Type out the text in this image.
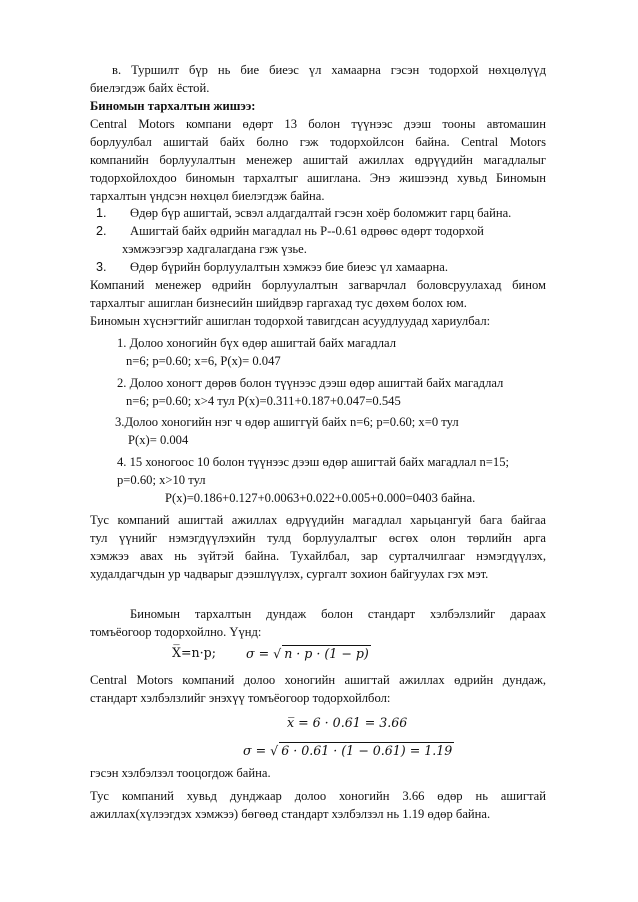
в. Туршилт бүр нь бие биеэс үл хамаарна гэсэн тодорхой нөхцөлүүд
биелэгдэж байх ёстой.
Биномын тархалтын жишээ:
Central Motors компани өдөрт 13 болон түүнээс дээш тооны автомашин
борлуулбал ашигтай байх болно гэж тодорхойлсон байна. Central Motors
компанийн борлуулалтын менежер ашигтай ажиллах өдрүүдийн магадлалыг
тодорхойлохдоо биномын тархалтыг ашиглана. Энэ жишээнд хувьд Биномын
тархалтын үндсэн нөхцөл биелэгдэж байна.
1. Өдөр бүр ашигтай, эсвэл алдагдалтай гэсэн хоёр боломжит гарц байна.
2. Ашигтай байх өдрийн магадлал нь P--0.61 өдрөөс өдөрт тодорхой
хэмжээгээр хадгалагдана гэж үзье.
3. Өдөр бүрийн борлуулалтын хэмжээ бие биеэс үл хамаарна.
Компаний менежер өдрийн борлуулалтын загварчлал боловсруулахад бином
тархалтыг ашиглан бизнесийн шийдвэр гаргахад тус дөхөм болох юм.
Биномын хүснэгтийг ашиглан тодорхой тавигдсан асуудлуудад хариулбал:
1. Долоо хоногийн бүх өдөр ашигтай байх магадлал
n=6; p=0.60; x=6, P(x)= 0.047
2. Долоо хоногт дөрөв болон түүнээс дээш өдөр ашигтай байх магадлал
n=6; p=0.60; x>4 тул P(x)=0.311+0.187+0.047=0.545
3.Долоо хоногийн нэг ч өдөр ашиггүй байх n=6; p=0.60; x=0 тул
P(x)= 0.004
4. 15 хоногоос 10 болон түүнээс дээш өдөр ашигтай байх магадлал n=15;
p=0.60; x>10 тул
P(x)=0.186+0.127+0.0063+0.022+0.005+0.000=0403 байна.
Тус компаний ашигтай ажиллах өдрүүдийн магадлал харьцангуй бага байгаа
тул үүнийг нэмэгдүүлэхийн тулд борлуулалтыг өсгөх олон төрлийн арга
хэмжээ авах нь зүйтэй байна. Тухайлбал, зар сурталчилгааг нэмэгдүүлэх,
худалдагчдын ур чадварыг дээшлүүлэх, сургалт зохион байгуулах гэх мэт.
Биномын тархалтын дундаж болон стандарт хэлбэлзлийг дараах
томъёогоор тодорхойлно. Үүнд:
X̅=n·p; σ = √ n · p · (1 − p)
Central Motors компаний долоо хоногийн ашигтай ажиллах өдрийн дундаж,
стандарт хэлбэлзлийг энэхүү томъёогоор тодорхойлбол:
x̅ = 6 · 0.61 = 3.66
σ = √ 6 · 0.61 · (1 − 0.61) = 1.19
гэсэн хэлбэлзэл тооцогдож байна.
Тус компаний хувьд дунджаар долоо хоногийн 3.66 өдөр нь ашигтай
ажиллах(хүлээгдэх хэмжээ) бөгөөд стандарт хэлбэлзэл нь 1.19 өдөр байна.
